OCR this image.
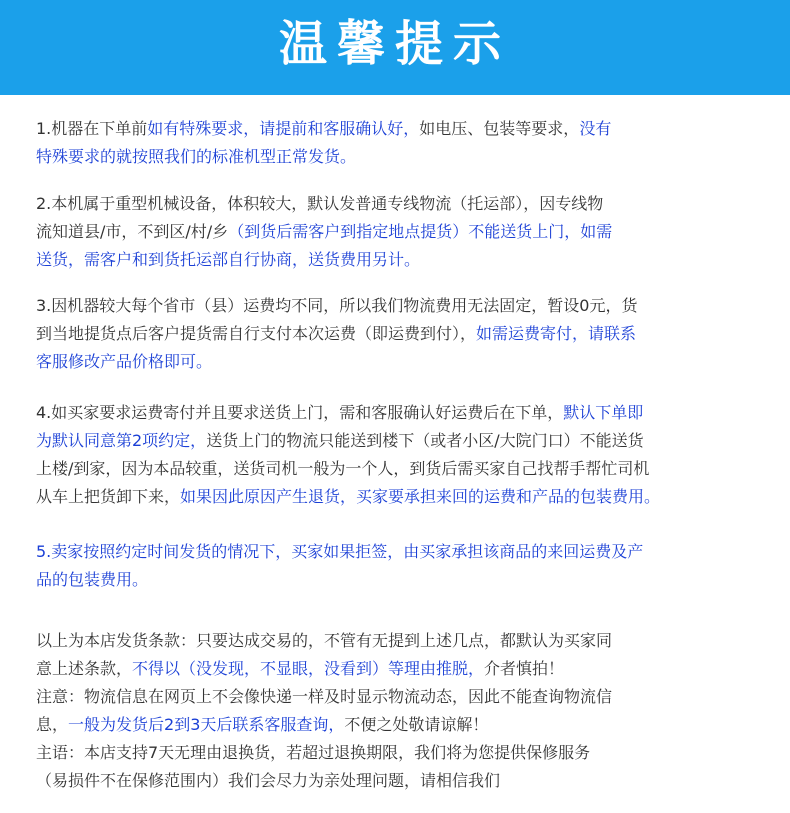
温馨提示
1.机器在下单前如有特殊要求，请提前和客服确认好，如电压、包装等要求，没有
特殊要求的就按照我们的标准机型正常发货。
2.本机属于重型机械设备，体积较大，默认发普通专线物流（托运部），因专线物
流知道县/市，不到区/村/乡（到货后需客户到指定地点提货）不能送货上门，如需
送货，需客户和到货托运部自行协商，送货费用另计。
3.因机器较大每个省市（县）运费均不同，所以我们物流费用无法固定，暂设0元，货
到当地提货点后客户提货需自行支付本次运费（即运费到付），如需运费寄付，请联系
客服修改产品价格即可。
4.如买家要求运费寄付并且要求送货上门，需和客服确认好运费后在下单，默认下单即
为默认同意第2项约定，送货上门的物流只能送到楼下（或者小区/大院门口）不能送货
上楼/到家，因为本品较重，送货司机一般为一个人，到货后需买家自己找帮手帮忙司机
从车上把货卸下来，如果因此原因产生退货，买家要承担来回的运费和产品的包装费用。
5.卖家按照约定时间发货的情况下，买家如果拒签，由买家承担该商品的来回运费及产
品的包装费用。
以上为本店发货条款：只要达成交易的，不管有无提到上述几点，都默认为买家同
意上述条款，不得以（没发现，不显眼，没看到）等理由推脱，介者慎拍！
注意：物流信息在网页上不会像快递一样及时显示物流动态，因此不能查询物流信
息，一般为发货后2到3天后联系客服查询，不便之处敬请谅解！
主语：本店支持7天无理由退换货，若超过退换期限，我们将为您提供保修服务
（易损件不在保修范围内）我们会尽力为亲处理问题，请相信我们
